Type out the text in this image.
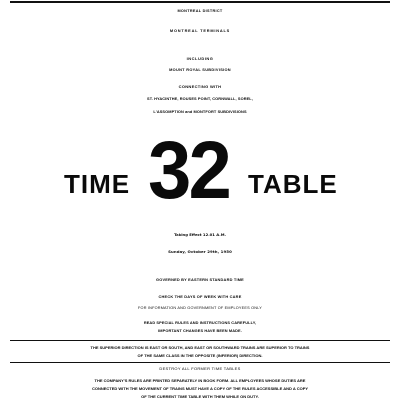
MONTREAL DISTRICT
MONTREAL TERMINALS
INCLUDING
MOUNT ROYAL SUBDIVISION
CONNECTING WITH
ST. HYACINTHE, ROUSES POINT, CORNWALL, SOREL,
L'ASSOMPTION and MONTFORT SUBDIVISIONS
TIME 32 TABLE
Taking Effect 12.01 A.M.
Sunday, October 29th, 1950
GOVERNED BY EASTERN STANDARD TIME
CHECK THE DAYS OF WEEK WITH CARE
FOR INFORMATION AND GOVERNMENT OF EMPLOYEES ONLY
READ SPECIAL RULES AND INSTRUCTIONS CAREFULLY,
IMPORTANT CHANGES HAVE BEEN MADE.
THE SUPERIOR DIRECTION IS EAST OR SOUTH, AND EAST OR SOUTHWARD TRAINS ARE SUPERIOR TO TRAINS
OF THE SAME CLASS IN THE OPPOSITE (INFERIOR) DIRECTION.
DESTROY ALL FORMER TIME TABLES
THE COMPANY'S RULES ARE PRINTED SEPARATELY IN BOOK FORM. ALL EMPLOYEES WHOSE DUTIES ARE
CONNECTED WITH THE MOVEMENT OF TRAINS MUST HAVE A COPY OF THE RULES ACCESSIBLE AND A COPY
OF THE CURRENT TIME TABLE WITH THEM WHILE ON DUTY.
